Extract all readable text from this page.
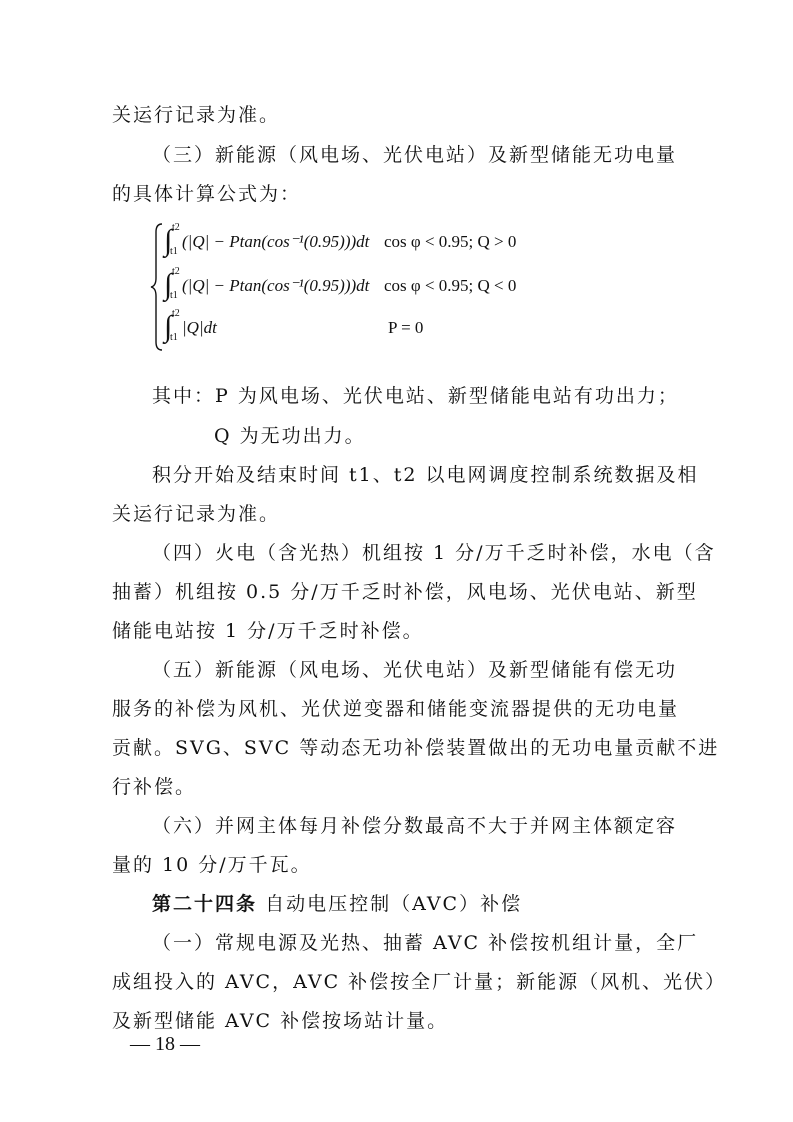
关运行记录为准。
（三）新能源（风电场、光伏电站）及新型储能无功电量
的具体计算公式为：
∫ t2
t1
(|Q| − Ptan(cos⁻¹(0.95)))dt cos φ < 0.95; Q > 0
∫ t2
t1
(|Q| − Ptan(cos⁻¹(0.95)))dt cos φ < 0.95; Q < 0
∫ t2
t1
|Q|dt	P = 0
其中：P 为风电场、光伏电站、新型储能电站有功出力；
Q 为无功出力。
积分开始及结束时间 t1、t2 以电网调度控制系统数据及相
关运行记录为准。
（四）火电（含光热）机组按 1 分/万千乏时补偿，水电（含
抽蓄）机组按 0.5 分/万千乏时补偿，风电场、光伏电站、新型
储能电站按 1 分/万千乏时补偿。
（五）新能源（风电场、光伏电站）及新型储能有偿无功
服务的补偿为风机、光伏逆变器和储能变流器提供的无功电量
贡献。SVG、SVC 等动态无功补偿装置做出的无功电量贡献不进
行补偿。
（六）并网主体每月补偿分数最高不大于并网主体额定容
量的 10 分/万千瓦。
第二十四条 自动电压控制（AVC）补偿
（一）常规电源及光热、抽蓄 AVC 补偿按机组计量，全厂
成组投入的 AVC，AVC 补偿按全厂计量；新能源（风机、光伏）
及新型储能 AVC 补偿按场站计量。
— 18 —
